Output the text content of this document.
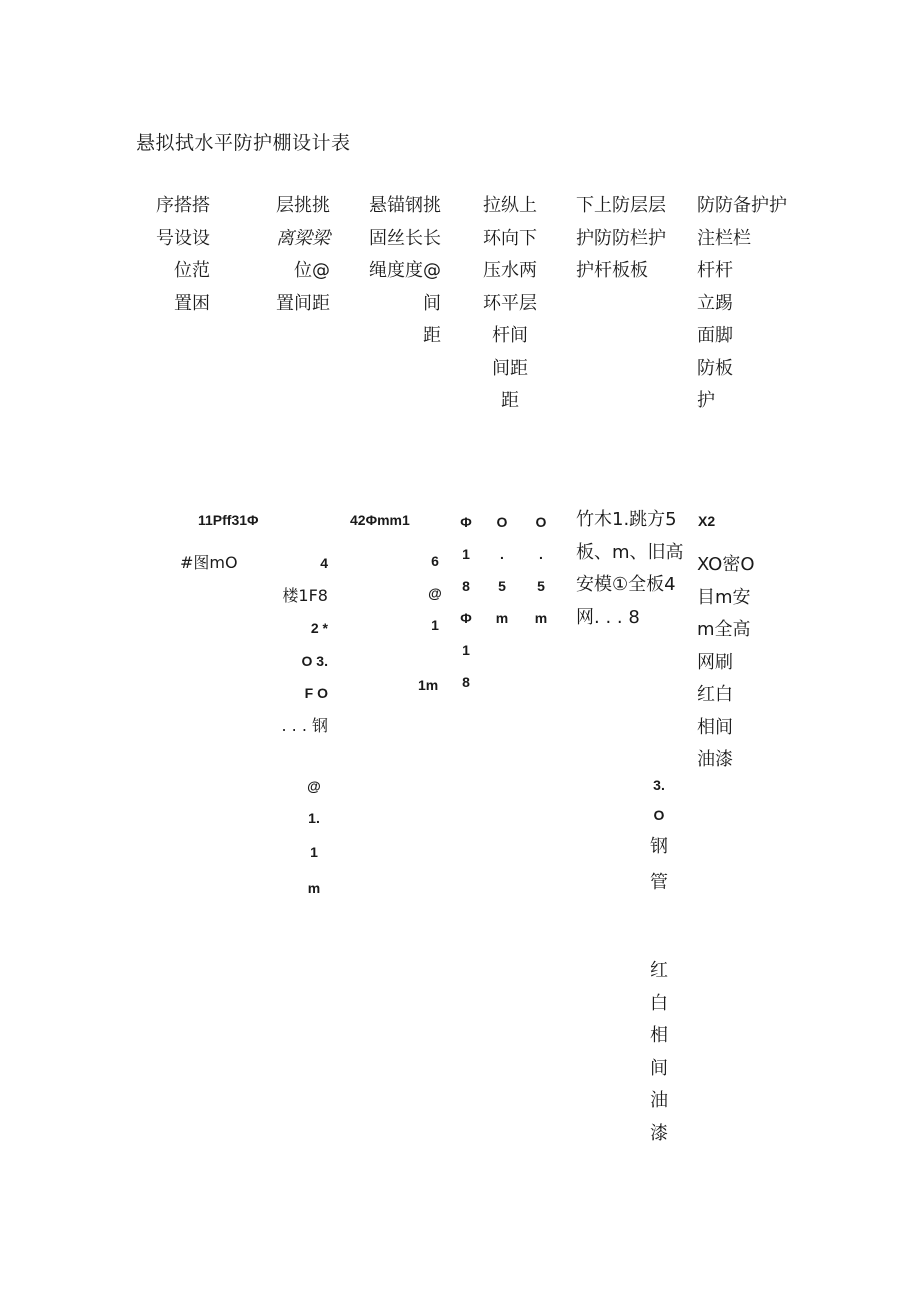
悬拟拭水平防护棚设计表
序搭搭
号设设
位范
置困
层挑挑
离梁梁
位@
置间距
悬锚钢挑
固丝长长
绳度度@
间
距
拉纵上
环向下
压水两
环平层
杆间
间距
距
下上防层层
护防防栏护
护杆板板
防防备护护
注栏栏
杆杆
立踢
面脚
防板
护
11Pff31Φ
#图mO	4
楼1F8
2 *
O 3.
F O
. . . 钢
@
1.
1
m
42Φmm1
6
@
1
1m
Φ
1
8
Φ
1
8
O
.
5
m
O
.
5
m
竹木1.跳方5
板、m、旧高
安模①全板4
网. . . 8
3.
O
钢
管
红
白
相
间
油
漆
X2
XO密O
目m安
m全高
网刷
红白
相间
油漆
